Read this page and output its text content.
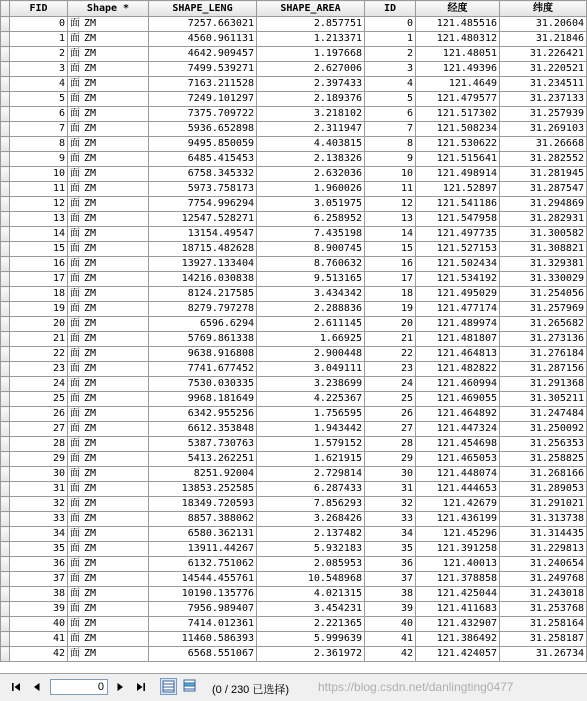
	FID	Shape *	SHAPE_LENG	SHAPE_AREA	ID	经度	纬度
	0	面 ZM	7257.663021	2.857751	0	121.485516	31.20604
	1	面 ZM	4560.961131	1.213371	1	121.480312	31.21846
	2	面 ZM	4642.909457	1.197668	2	121.48051	31.226421
	3	面 ZM	7499.539271	2.627006	3	121.49396	31.220521
	4	面 ZM	7163.211528	2.397433	4	121.4649	31.234511
	5	面 ZM	7249.101297	2.189376	5	121.479577	31.237133
	6	面 ZM	7375.709722	3.218102	6	121.517302	31.257939
	7	面 ZM	5936.652898	2.311947	7	121.508234	31.269103
	8	面 ZM	9495.850059	4.403815	8	121.530622	31.26668
	9	面 ZM	6485.415453	2.138326	9	121.515641	31.282552
	10	面 ZM	6758.345332	2.632036	10	121.498914	31.281945
	11	面 ZM	5973.758173	1.960026	11	121.52897	31.287547
	12	面 ZM	7754.996294	3.051975	12	121.541186	31.294869
	13	面 ZM	12547.528271	6.258952	13	121.547958	31.282931
	14	面 ZM	13154.49547	7.435198	14	121.497735	31.300582
	15	面 ZM	18715.482628	8.900745	15	121.527153	31.308821
	16	面 ZM	13927.133404	8.760632	16	121.502434	31.329381
	17	面 ZM	14216.030838	9.513165	17	121.534192	31.330029
	18	面 ZM	8124.217585	3.434342	18	121.495029	31.254056
	19	面 ZM	8279.797278	2.288836	19	121.477174	31.257969
	20	面 ZM	6596.6294	2.611145	20	121.489974	31.265682
	21	面 ZM	5769.861338	1.66925	21	121.481807	31.273136
	22	面 ZM	9638.916808	2.900448	22	121.464813	31.276184
	23	面 ZM	7741.677452	3.049111	23	121.482822	31.287156
	24	面 ZM	7530.030335	3.238699	24	121.460994	31.291368
	25	面 ZM	9968.181649	4.225367	25	121.469055	31.305211
	26	面 ZM	6342.955256	1.756595	26	121.464892	31.247484
	27	面 ZM	6612.353848	1.943442	27	121.447324	31.250092
	28	面 ZM	5387.730763	1.579152	28	121.454698	31.256353
	29	面 ZM	5413.262251	1.621915	29	121.465053	31.258825
	30	面 ZM	8251.92004	2.729814	30	121.448074	31.268166
	31	面 ZM	13853.252585	6.287433	31	121.444653	31.289053
	32	面 ZM	18349.720593	7.856293	32	121.42679	31.291021
	33	面 ZM	8857.388062	3.268426	33	121.436199	31.313738
	34	面 ZM	6580.362131	2.137482	34	121.45296	31.314435
	35	面 ZM	13911.44267	5.932183	35	121.391258	31.229813
	36	面 ZM	6132.751062	2.085953	36	121.40013	31.240654
	37	面 ZM	14544.455761	10.548968	37	121.378858	31.249768
	38	面 ZM	10190.135776	4.021315	38	121.425044	31.243018
	39	面 ZM	7956.989407	3.454231	39	121.411683	31.253768
	40	面 ZM	7414.012361	2.221365	40	121.432907	31.258164
	41	面 ZM	11460.586393	5.999639	41	121.386492	31.258187
	42	面 ZM	6568.551067	2.361972	42	121.424057	31.26734
0	(0 / 230 已选择) https://blog.csdn.net/danlingting0477
